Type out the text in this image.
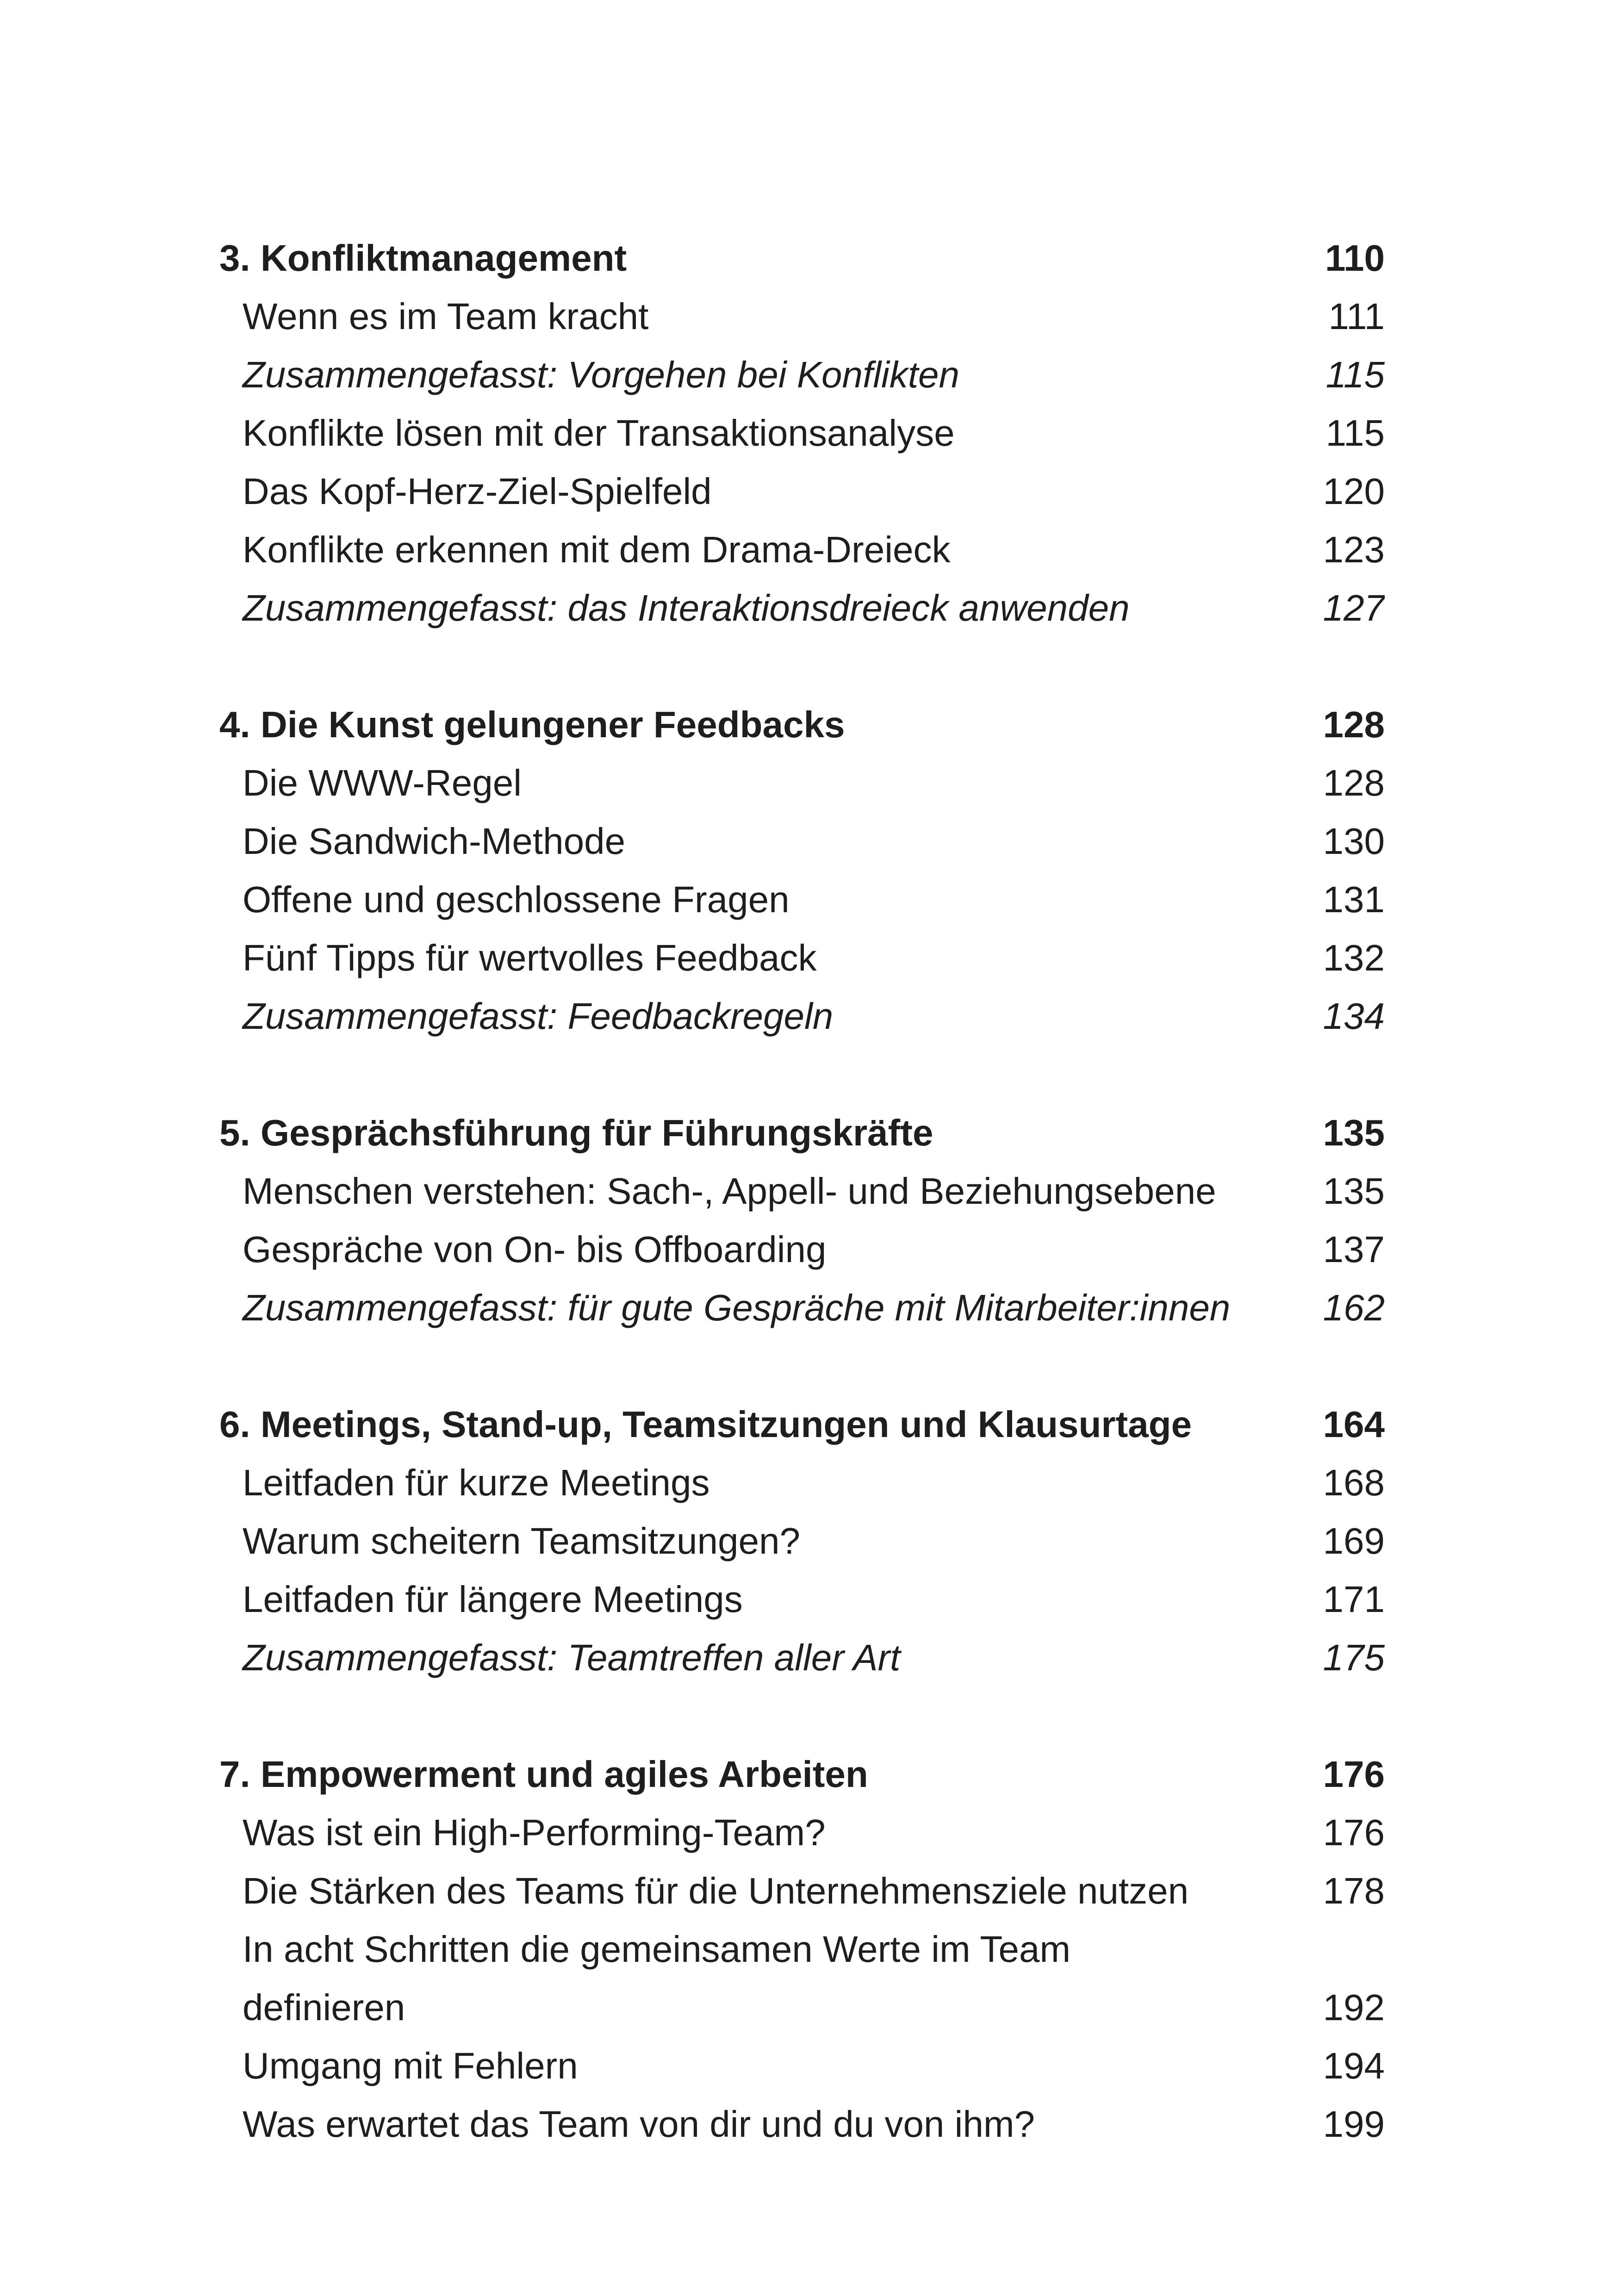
3. Konfliktmanagement	110
Wenn es im Team kracht	111
Zusammengefasst: Vorgehen bei Konflikten	115
Konflikte lösen mit der Transaktionsanalyse	115
Das Kopf-Herz-Ziel-Spielfeld	120
Konflikte erkennen mit dem Drama-Dreieck	123
Zusammengefasst: das Interaktionsdreieck anwenden	127
4. Die Kunst gelungener Feedbacks	128
Die WWW-Regel	128
Die Sandwich-Methode	130
Offene und geschlossene Fragen	131
Fünf Tipps für wertvolles Feedback	132
Zusammengefasst: Feedbackregeln	134
5. Gesprächsführung für Führungskräfte	135
Menschen verstehen: Sach-, Appell- und Beziehungsebene	135
Gespräche von On- bis Offboarding	137
Zusammengefasst: für gute Gespräche mit Mitarbeiter:innen	162
6. Meetings, Stand-up, Teamsitzungen und Klausurtage	164
Leitfaden für kurze Meetings	168
Warum scheitern Teamsitzungen?	169
Leitfaden für längere Meetings	171
Zusammengefasst: Teamtreffen aller Art	175
7. Empowerment und agiles Arbeiten	176
Was ist ein High-Performing-Team?	176
Die Stärken des Teams für die Unternehmensziele nutzen	178
In acht Schritten die gemeinsamen Werte im Team
definieren	192
Umgang mit Fehlern	194
Was erwartet das Team von dir und du von ihm?	199
